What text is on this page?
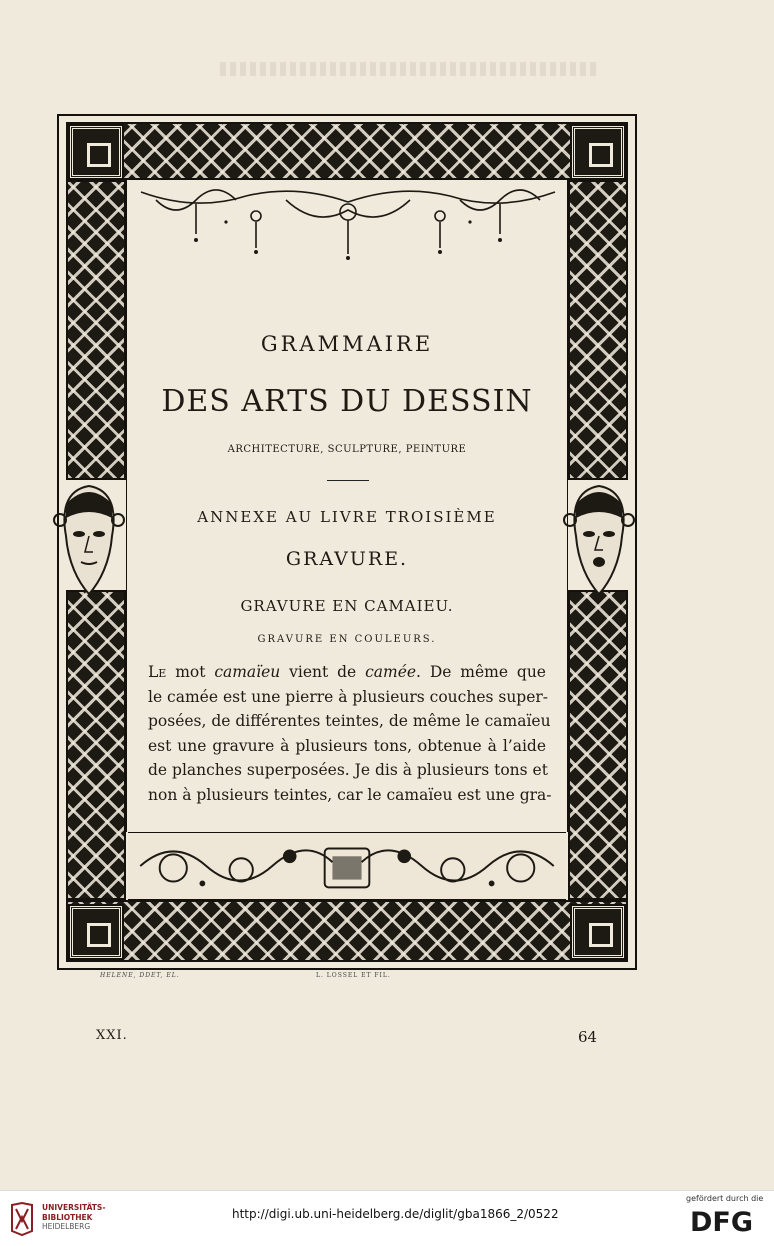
GRAMMAIRE
DES ARTS DU DESSIN
ARCHITECTURE, SCULPTURE, PEINTURE
ANNEXE AU LIVRE TROISIÈME
GRAVURE.
GRAVURE EN CAMAIEU.
GRAVURE EN COULEURS.
Le mot camaïeu vient de camée. De même que
le camée est une pierre à plusieurs couches super-
posées, de différentes teintes, de même le camaïeu
est une gravure à plusieurs tons, obtenue à l’aide
de planches superposées. Je dis à plusieurs tons et
non à plusieurs teintes, car le camaïeu est une gra-
HELENE, DDET, EL.	L. LOSSEL ET FIL.
XXI.	64
UNIVERSITÄTS-
BIBLIOTHEK
HEIDELBERG
http://digi.ub.uni-heidelberg.de/diglit/gba1866_2/0522
gefördert durch die
DFG
